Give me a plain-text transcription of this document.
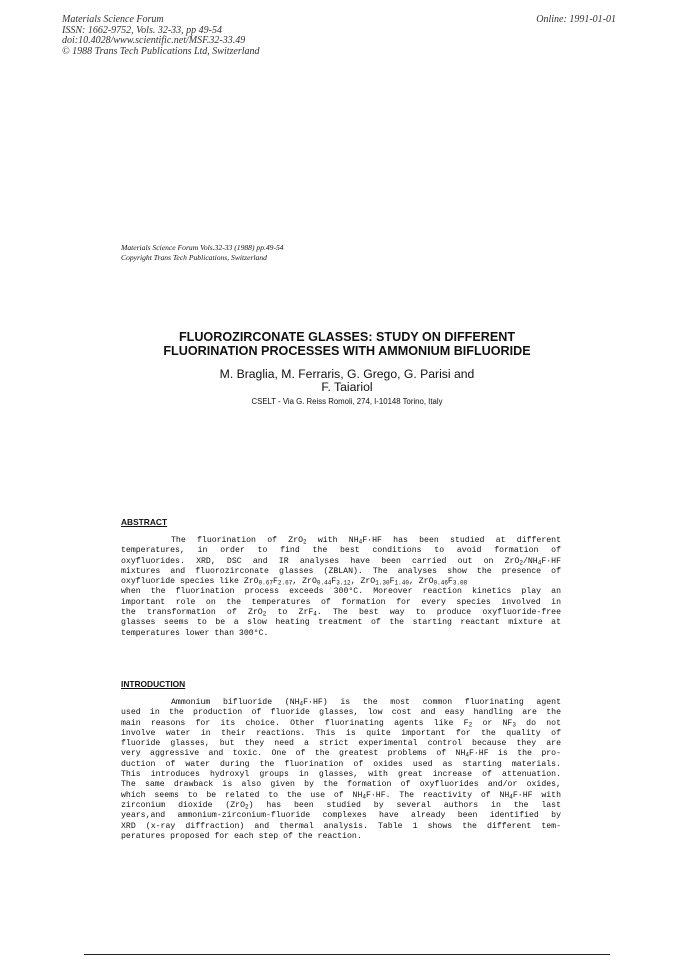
Materials Science Forum
ISSN: 1662-9752, Vols. 32-33, pp 49-54
doi:10.4028/www.scientific.net/MSF.32-33.49
© 1988 Trans Tech Publications Ltd, Switzerland
Online: 1991-01-01
Materials Science Forum Vols.32-33 (1988) pp.49-54
Copyright Trans Tech Publications, Switzerland
FLUOROZIRCONATE GLASSES: STUDY ON DIFFERENT
FLUORINATION PROCESSES WITH AMMONIUM BIFLUORIDE
M. Braglia, M. Ferraris, G. Grego, G. Parisi and
F. Taiariol
CSELT - Via G. Reiss Romoli, 274, I-10148 Torino, Italy
ABSTRACT
The fluorination of ZrO$_2$ with $NH_4F\cdot HF$ has been studied at different
temperatures, in order to find the best conditions to avoid formation of
oxyfluorides. XRD, DSC and IR analyses have been carried out on $ZrO_2/NH_4F\cdot HF$
mixtures and fluorozirconate glasses (ZBLAN). The analyses show the presence of
oxyfluoride species like $ZrO_{0.67}F_{2.67}$, $ZrO_{0.44}F_{3.12}$, $ZrO_{1.30}F_{1.40}$, $ZrO_{0.46}F_{3.08}$
when the fluorination process exceeds 300°C. Moreover reaction kinetics play an
important role on the temperatures of formation for every species involved in
the transformation of ZrO$_2$ to ZrF$_4$. The best way to produce oxyfluoride-free
glasses seems to be a slow heating treatment of the starting reactant mixture at
temperatures lower than 300°C.
INTRODUCTION
Ammonium bifluoride $(NH_4F\cdot HF)$ is the most common fluorinating agent
used in the production of fluoride glasses, low cost and easy handling are the
main reasons for its choice. Other fluorinating agents like $F_2$ or $NF_3$ do not
involve water in their reactions. This is quite important for the quality of
fluoride glasses, but they need a strict experimental control because they are
very aggressive and toxic. One of the greatest problems of $NH_4F\cdot HF$ is the pro-
duction of water during the fluorination of oxides used as starting materials.
This introduces hydroxyl groups in glasses, with great increase of attenuation.
The same drawback is also given by the formation of oxyfluorides and/or oxides,
which seems to be related to the use of $NH_4F\cdot HF$. The reactivity of $NH_4F\cdot HF$ with
zirconium dioxide (ZrO$_2$) has been studied by several authors in the last
years,and ammonium-zirconium-fluoride complexes have already been identified by
XRD (x-ray diffraction) and thermal analysis. Table 1 shows the different tem-
peratures proposed for each step of the reaction.
